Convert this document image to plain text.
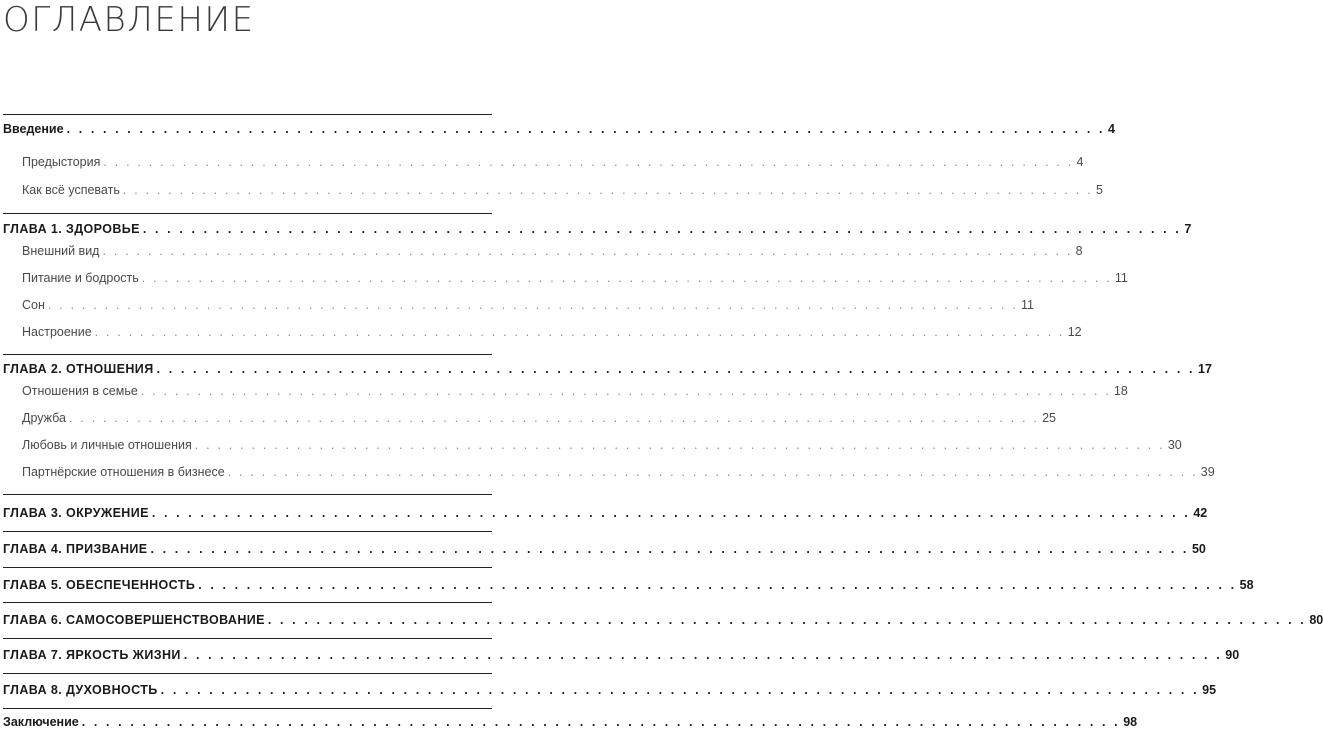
ОГЛАВЛЕНИЕ
Введение . . . . . . . . . . . . . . . . . . . . . . . . . . . . . . . . . . . . . . . . . . . . . . . . . . . . . . . . . . . . . . . . . . . . . . . . . . . . . . . . . . . . . . 4
Предыстория . . . . . . . . . . . . . . . . . . . . . . . . . . . . . . . . . . . . . . . . . . . . . . . . . . . . . . . . . . . . . . . . . . . . . . . . . . . . . . . . . . . . . . 4
Как всё успевать . . . . . . . . . . . . . . . . . . . . . . . . . . . . . . . . . . . . . . . . . . . . . . . . . . . . . . . . . . . . . . . . . . . . . . . . . . . . . . . . . . . . . . 5
ГЛАВА 1. ЗДОРОВЬЕ . . . . . . . . . . . . . . . . . . . . . . . . . . . . . . . . . . . . . . . . . . . . . . . . . . . . . . . . . . . . . . . . . . . . . . . . . . . . . . . . . . . . . . 7
Внешний вид . . . . . . . . . . . . . . . . . . . . . . . . . . . . . . . . . . . . . . . . . . . . . . . . . . . . . . . . . . . . . . . . . . . . . . . . . . . . . . . . . . . . . . 8
Питание и бодрость . . . . . . . . . . . . . . . . . . . . . . . . . . . . . . . . . . . . . . . . . . . . . . . . . . . . . . . . . . . . . . . . . . . . . . . . . . . . . . . . . . . . . . 11
Сон . . . . . . . . . . . . . . . . . . . . . . . . . . . . . . . . . . . . . . . . . . . . . . . . . . . . . . . . . . . . . . . . . . . . . . . . . . . . . . . . . . . . . . 11
Настроение . . . . . . . . . . . . . . . . . . . . . . . . . . . . . . . . . . . . . . . . . . . . . . . . . . . . . . . . . . . . . . . . . . . . . . . . . . . . . . . . . . . . . . 12
ГЛАВА 2. ОТНОШЕНИЯ . . . . . . . . . . . . . . . . . . . . . . . . . . . . . . . . . . . . . . . . . . . . . . . . . . . . . . . . . . . . . . . . . . . . . . . . . . . . . . . . . . . . . . 17
Отношения в семье . . . . . . . . . . . . . . . . . . . . . . . . . . . . . . . . . . . . . . . . . . . . . . . . . . . . . . . . . . . . . . . . . . . . . . . . . . . . . . . . . . . . . . 18
Дружба . . . . . . . . . . . . . . . . . . . . . . . . . . . . . . . . . . . . . . . . . . . . . . . . . . . . . . . . . . . . . . . . . . . . . . . . . . . . . . . . . . . . . . 25
Любовь и личные отношения . . . . . . . . . . . . . . . . . . . . . . . . . . . . . . . . . . . . . . . . . . . . . . . . . . . . . . . . . . . . . . . . . . . . . . . . . . . . . . . . . . . . . . 30
Партнёрские отношения в бизнесе . . . . . . . . . . . . . . . . . . . . . . . . . . . . . . . . . . . . . . . . . . . . . . . . . . . . . . . . . . . . . . . . . . . . . . . . . . . . . . . . . . . . . . 39
ГЛАВА 3. ОКРУЖЕНИЕ . . . . . . . . . . . . . . . . . . . . . . . . . . . . . . . . . . . . . . . . . . . . . . . . . . . . . . . . . . . . . . . . . . . . . . . . . . . . . . . . . . . . . . 42
ГЛАВА 4. ПРИЗВАНИЕ . . . . . . . . . . . . . . . . . . . . . . . . . . . . . . . . . . . . . . . . . . . . . . . . . . . . . . . . . . . . . . . . . . . . . . . . . . . . . . . . . . . . . . 50
ГЛАВА 5. ОБЕСПЕЧЕННОСТЬ . . . . . . . . . . . . . . . . . . . . . . . . . . . . . . . . . . . . . . . . . . . . . . . . . . . . . . . . . . . . . . . . . . . . . . . . . . . . . . . . . . . . . . 58
ГЛАВА 6. САМОСОВЕРШЕНСТВОВАНИЕ . . . . . . . . . . . . . . . . . . . . . . . . . . . . . . . . . . . . . . . . . . . . . . . . . . . . . . . . . . . . . . . . . . . . . . . . . . . . . . . . . . . . . . 80
ГЛАВА 7. ЯРКОСТЬ ЖИЗНИ . . . . . . . . . . . . . . . . . . . . . . . . . . . . . . . . . . . . . . . . . . . . . . . . . . . . . . . . . . . . . . . . . . . . . . . . . . . . . . . . . . . . . . 90
ГЛАВА 8. ДУХОВНОСТЬ . . . . . . . . . . . . . . . . . . . . . . . . . . . . . . . . . . . . . . . . . . . . . . . . . . . . . . . . . . . . . . . . . . . . . . . . . . . . . . . . . . . . . . 95
Заключение . . . . . . . . . . . . . . . . . . . . . . . . . . . . . . . . . . . . . . . . . . . . . . . . . . . . . . . . . . . . . . . . . . . . . . . . . . . . . . . . . . . . . . 98
